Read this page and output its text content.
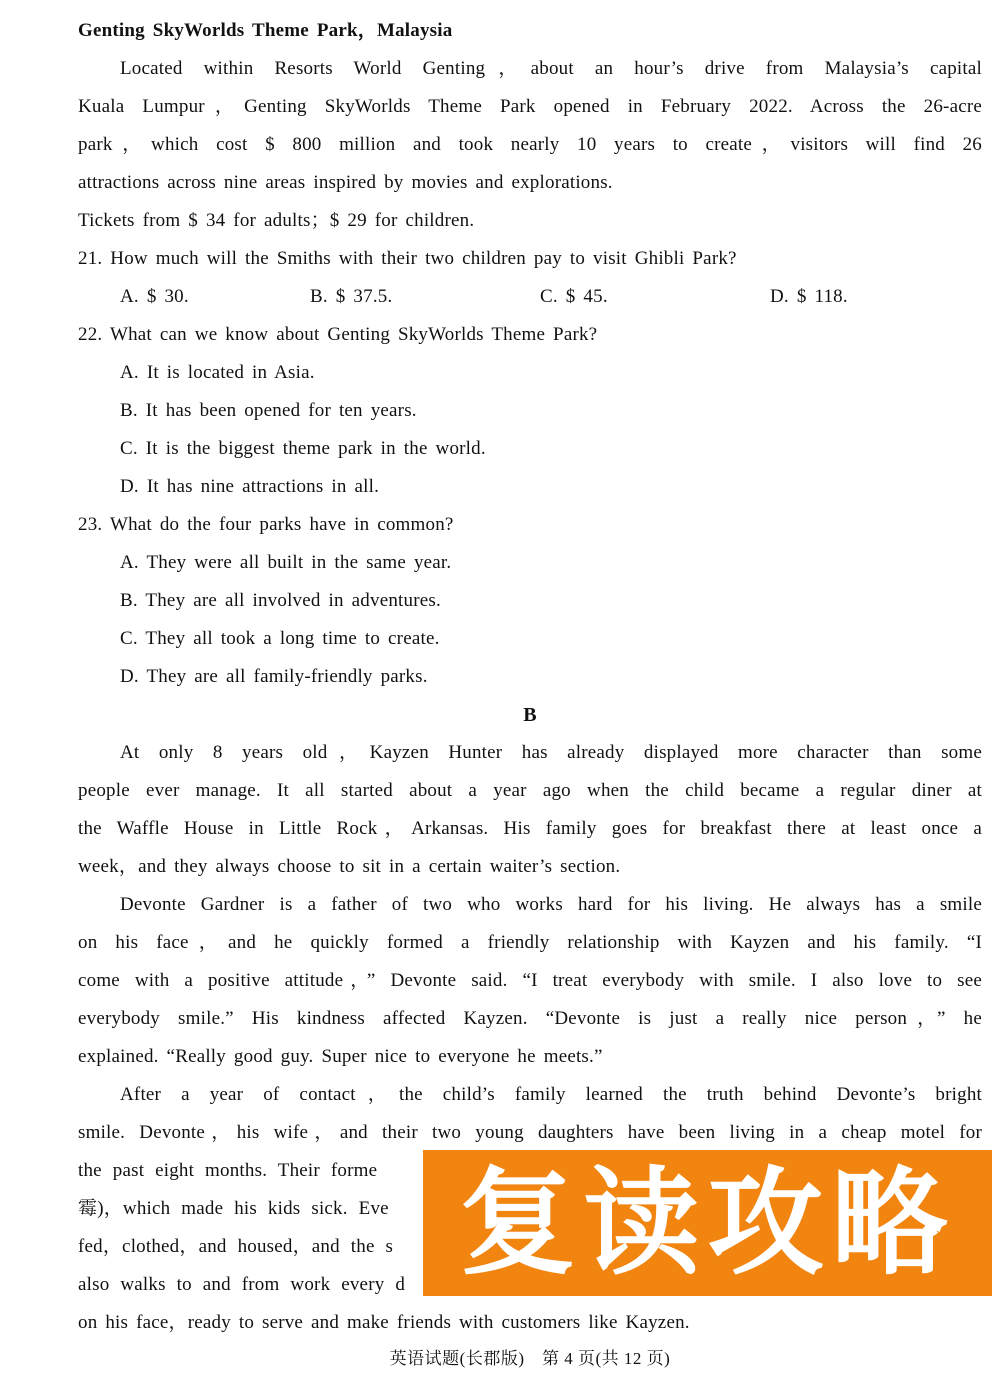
Genting SkyWorlds Theme Park，Malaysia
Located within Resorts World Genting，about an hour’s drive from Malaysia’s capital
Kuala Lumpur，Genting SkyWorlds Theme Park opened in February 2022. Across the 26-acre
park，which cost $ 800 million and took nearly 10 years to create，visitors will find 26
attractions across nine areas inspired by movies and explorations.
Tickets from $ 34 for adults；$ 29 for children.
21. How much will the Smiths with their two children pay to visit Ghibli Park?
A. $ 30.	B. $ 37.5.	C. $ 45.	D. $ 118.
22. What can we know about Genting SkyWorlds Theme Park?
A. It is located in Asia.
B. It has been opened for ten years.
C. It is the biggest theme park in the world.
D. It has nine attractions in all.
23. What do the four parks have in common?
A. They were all built in the same year.
B. They are all involved in adventures.
C. They all took a long time to create.
D. They are all family-friendly parks.
B
At only 8 years old，Kayzen Hunter has already displayed more character than some
people ever manage. It all started about a year ago when the child became a regular diner at
the Waffle House in Little Rock，Arkansas. His family goes for breakfast there at least once a
week，and they always choose to sit in a certain waiter’s section.
Devonte Gardner is a father of two who works hard for his living. He always has a smile
on his face，and he quickly formed a friendly relationship with Kayzen and his family. “I
come with a positive attitude，” Devonte said. “I treat everybody with smile. I also love to see
everybody smile.” His kindness affected Kayzen. “Devonte is just a really nice person，” he
explained. “Really good guy. Super nice to everyone he meets.”
After a year of contact，the child’s family learned the truth behind Devonte’s bright
smile. Devonte，his wife，and their two young daughters have been living in a cheap motel for
the past eight months. Their forme
霉)，which made his kids sick. Eve
fed，clothed，and housed，and the s
also walks to and from work every d
on his face，ready to serve and make friends with customers like Kayzen.
复读攻略
英语试题(长郡版)　第 4 页(共 12 页)
